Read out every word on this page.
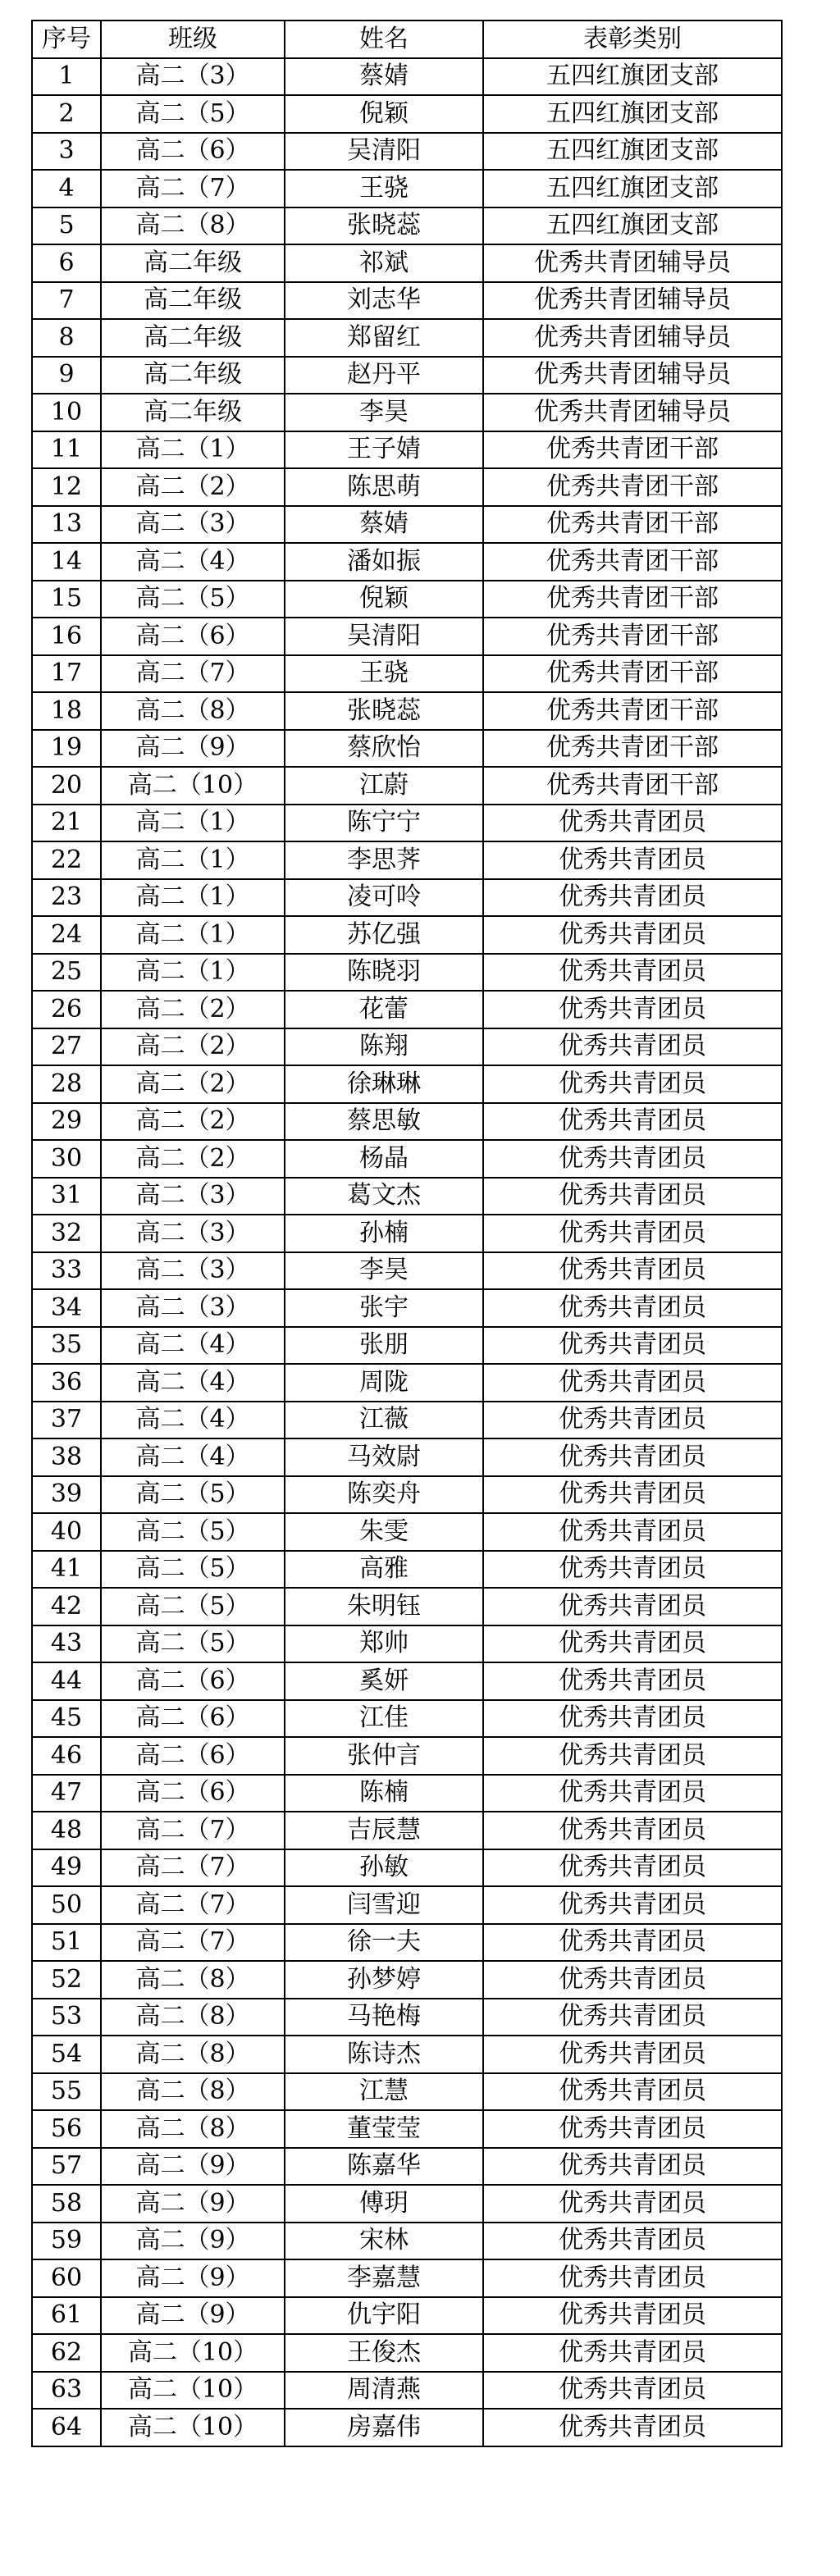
序号	班级	姓名	表彰类别
1	高二（3）	蔡婧	五四红旗团支部
2	高二（5）	倪颖	五四红旗团支部
3	高二（6）	吴清阳	五四红旗团支部
4	高二（7）	王骁	五四红旗团支部
5	高二（8）	张晓蕊	五四红旗团支部
6	高二年级	祁斌	优秀共青团辅导员
7	高二年级	刘志华	优秀共青团辅导员
8	高二年级	郑留红	优秀共青团辅导员
9	高二年级	赵丹平	优秀共青团辅导员
10	高二年级	李昊	优秀共青团辅导员
11	高二（1）	王子婧	优秀共青团干部
12	高二（2）	陈思萌	优秀共青团干部
13	高二（3）	蔡婧	优秀共青团干部
14	高二（4）	潘如振	优秀共青团干部
15	高二（5）	倪颖	优秀共青团干部
16	高二（6）	吴清阳	优秀共青团干部
17	高二（7）	王骁	优秀共青团干部
18	高二（8）	张晓蕊	优秀共青团干部
19	高二（9）	蔡欣怡	优秀共青团干部
20	高二（10）	江蔚	优秀共青团干部
21	高二（1）	陈宁宁	优秀共青团员
22	高二（1）	李思荠	优秀共青团员
23	高二（1）	凌可呤	优秀共青团员
24	高二（1）	苏亿强	优秀共青团员
25	高二（1）	陈晓羽	优秀共青团员
26	高二（2）	花蕾	优秀共青团员
27	高二（2）	陈翔	优秀共青团员
28	高二（2）	徐琳琳	优秀共青团员
29	高二（2）	蔡思敏	优秀共青团员
30	高二（2）	杨晶	优秀共青团员
31	高二（3）	葛文杰	优秀共青团员
32	高二（3）	孙楠	优秀共青团员
33	高二（3）	李昊	优秀共青团员
34	高二（3）	张宇	优秀共青团员
35	高二（4）	张朋	优秀共青团员
36	高二（4）	周陇	优秀共青团员
37	高二（4）	江薇	优秀共青团员
38	高二（4）	马效尉	优秀共青团员
39	高二（5）	陈奕舟	优秀共青团员
40	高二（5）	朱雯	优秀共青团员
41	高二（5）	高雅	优秀共青团员
42	高二（5）	朱明钰	优秀共青团员
43	高二（5）	郑帅	优秀共青团员
44	高二（6）	奚妍	优秀共青团员
45	高二（6）	江佳	优秀共青团员
46	高二（6）	张仲言	优秀共青团员
47	高二（6）	陈楠	优秀共青团员
48	高二（7）	吉辰慧	优秀共青团员
49	高二（7）	孙敏	优秀共青团员
50	高二（7）	闫雪迎	优秀共青团员
51	高二（7）	徐一夫	优秀共青团员
52	高二（8）	孙梦婷	优秀共青团员
53	高二（8）	马艳梅	优秀共青团员
54	高二（8）	陈诗杰	优秀共青团员
55	高二（8）	江慧	优秀共青团员
56	高二（8）	董莹莹	优秀共青团员
57	高二（9）	陈嘉华	优秀共青团员
58	高二（9）	傅玥	优秀共青团员
59	高二（9）	宋林	优秀共青团员
60	高二（9）	李嘉慧	优秀共青团员
61	高二（9）	仇宇阳	优秀共青团员
62	高二（10）	王俊杰	优秀共青团员
63	高二（10）	周清燕	优秀共青团员
64	高二（10）	房嘉伟	优秀共青团员
